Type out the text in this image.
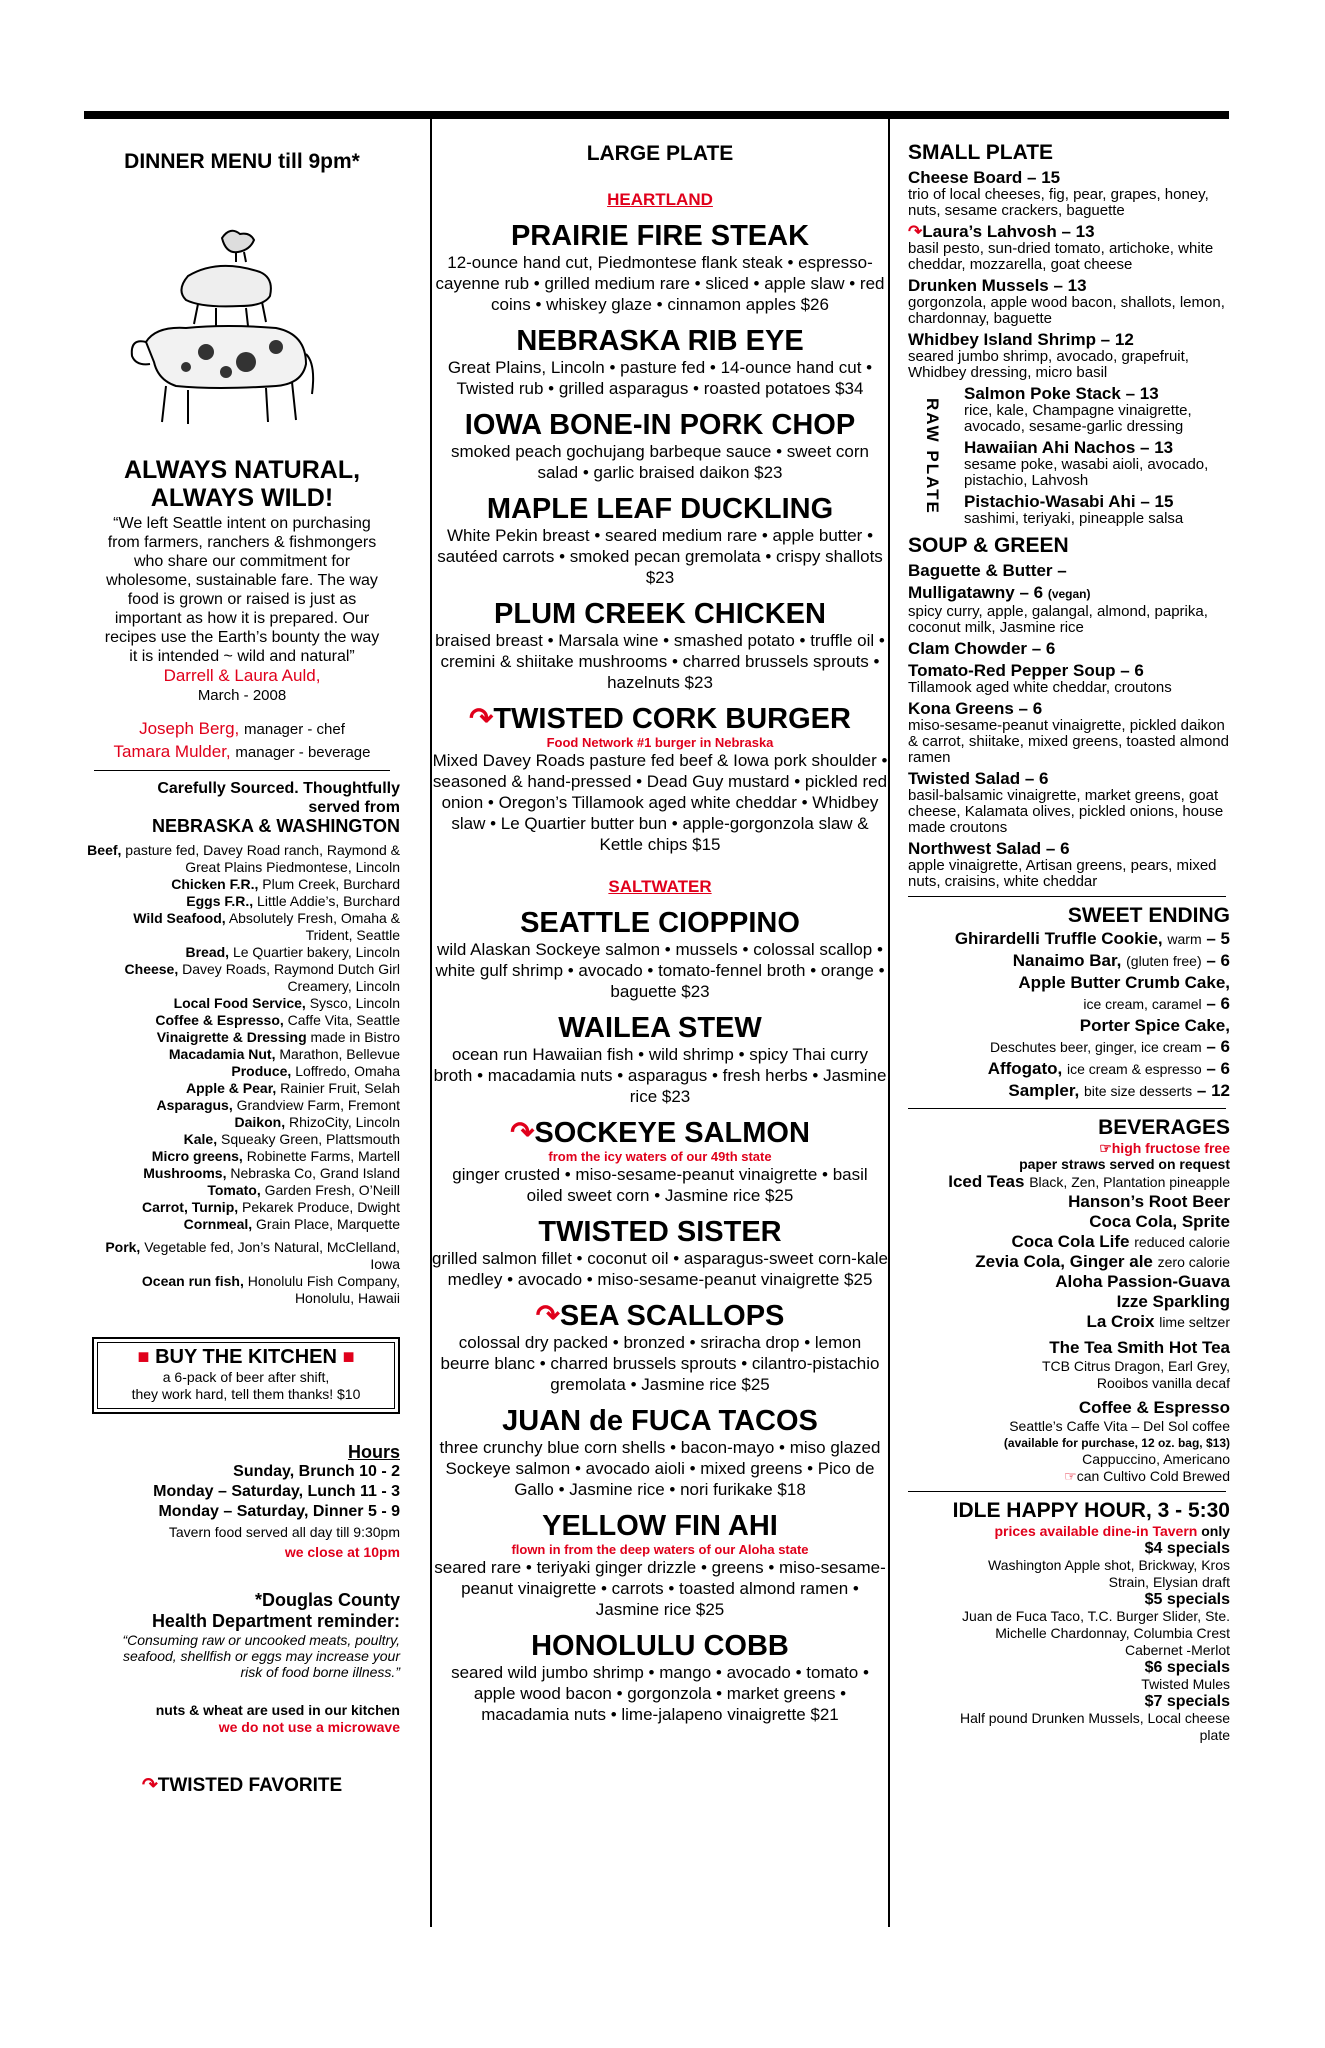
DINNER MENU till 9pm*
ALWAYS NATURAL,
ALWAYS WILD!
“We left Seattle intent on purchasing from farmers, ranchers & fishmongers who share our commitment for wholesome, sustainable fare. The way food is grown or raised is just as important as how it is prepared. Our recipes use the Earth’s bounty the way it is intended ~ wild and natural”
Darrell & Laura Auld,
March - 2008
Joseph Berg, manager - chef
Tamara Mulder, manager - beverage
Carefully Sourced. Thoughtfully served from
NEBRASKA & WASHINGTON
Beef, pasture fed, Davey Road ranch, Raymond & Great Plains Piedmontese, Lincoln
Chicken F.R., Plum Creek, Burchard
Eggs F.R., Little Addie’s, Burchard
Wild Seafood, Absolutely Fresh, Omaha & Trident, Seattle
Bread, Le Quartier bakery, Lincoln
Cheese, Davey Roads, Raymond Dutch Girl Creamery, Lincoln
Local Food Service, Sysco, Lincoln
Coffee & Espresso, Caffe Vita, Seattle
Vinaigrette & Dressing made in Bistro
Macadamia Nut, Marathon, Bellevue
Produce, Loffredo, Omaha
Apple & Pear, Rainier Fruit, Selah
Asparagus, Grandview Farm, Fremont
Daikon, RhizoCity, Lincoln
Kale, Squeaky Green, Plattsmouth
Micro greens, Robinette Farms, Martell
Mushrooms, Nebraska Co, Grand Island
Tomato, Garden Fresh, O’Neill
Carrot, Turnip, Pekarek Produce, Dwight
Cornmeal, Grain Place, Marquette
Pork, Vegetable fed, Jon’s Natural, McClelland, Iowa
Ocean run fish, Honolulu Fish Company, Honolulu, Hawaii
■ BUY THE KITCHEN ■
a 6-pack of beer after shift,
they work hard, tell them thanks! $10
Hours
Sunday, Brunch 10 - 2
Monday – Saturday, Lunch 11 - 3
Monday – Saturday, Dinner 5 - 9
Tavern food served all day till 9:30pm
we close at 10pm
*Douglas County
Health Department reminder:
“Consuming raw or uncooked meats, poultry, seafood, shellfish or eggs may increase your risk of food borne illness.”
nuts & wheat are used in our kitchen
we do not use a microwave
↷TWISTED FAVORITE
LARGE PLATE
HEARTLAND
PRAIRIE FIRE STEAK
12-ounce hand cut, Piedmontese flank steak • espresso-cayenne rub • grilled medium rare • sliced • apple slaw • red coins • whiskey glaze • cinnamon apples $26
NEBRASKA RIB EYE
Great Plains, Lincoln • pasture fed • 14-ounce hand cut • Twisted rub • grilled asparagus • roasted potatoes $34
IOWA BONE-IN PORK CHOP
smoked peach gochujang barbeque sauce • sweet corn salad • garlic braised daikon $23
MAPLE LEAF DUCKLING
White Pekin breast • seared medium rare • apple butter • sautéed carrots • smoked pecan gremolata • crispy shallots $23
PLUM CREEK CHICKEN
braised breast • Marsala wine • smashed potato • truffle oil • cremini & shiitake mushrooms • charred brussels sprouts • hazelnuts $23
↷TWISTED CORK BURGER
Food Network #1 burger in Nebraska
Mixed Davey Roads pasture fed beef & Iowa pork shoulder • seasoned & hand-pressed • Dead Guy mustard • pickled red onion • Oregon’s Tillamook aged white cheddar • Whidbey slaw • Le Quartier butter bun • apple-gorgonzola slaw & Kettle chips $15
SALTWATER
SEATTLE CIOPPINO
wild Alaskan Sockeye salmon • mussels • colossal scallop • white gulf shrimp • avocado • tomato-fennel broth • orange • baguette $23
WAILEA STEW
ocean run Hawaiian fish • wild shrimp • spicy Thai curry broth • macadamia nuts • asparagus • fresh herbs • Jasmine rice $23
↷SOCKEYE SALMON
from the icy waters of our 49th state
ginger crusted • miso-sesame-peanut vinaigrette • basil oiled sweet corn • Jasmine rice $25
TWISTED SISTER
grilled salmon fillet • coconut oil • asparagus-sweet corn-kale medley • avocado • miso-sesame-peanut vinaigrette $25
↷SEA SCALLOPS
colossal dry packed • bronzed • sriracha drop • lemon beurre blanc • charred brussels sprouts • cilantro-pistachio gremolata • Jasmine rice $25
JUAN de FUCA TACOS
three crunchy blue corn shells • bacon-mayo • miso glazed Sockeye salmon • avocado aioli • mixed greens • Pico de Gallo • Jasmine rice • nori furikake $18
YELLOW FIN AHI
flown in from the deep waters of our Aloha state
seared rare • teriyaki ginger drizzle • greens • miso-sesame-peanut vinaigrette • carrots • toasted almond ramen • Jasmine rice $25
HONOLULU COBB
seared wild jumbo shrimp • mango • avocado • tomato • apple wood bacon • gorgonzola • market greens • macadamia nuts • lime-jalapeno vinaigrette $21
SMALL PLATE
Cheese Board – 15
trio of local cheeses, fig, pear, grapes, honey, nuts, sesame crackers, baguette
↷Laura’s Lahvosh – 13
basil pesto, sun-dried tomato, artichoke, white cheddar, mozzarella, goat cheese
Drunken Mussels – 13
gorgonzola, apple wood bacon, shallots, lemon, chardonnay, baguette
Whidbey Island Shrimp – 12
seared jumbo shrimp, avocado, grapefruit, Whidbey dressing, micro basil
RAW PLATE
Salmon Poke Stack – 13
rice, kale, Champagne vinaigrette, avocado, sesame-garlic dressing
Hawaiian Ahi Nachos – 13
sesame poke, wasabi aioli, avocado, pistachio, Lahvosh
Pistachio-Wasabi Ahi – 15
sashimi, teriyaki, pineapple salsa
SOUP & GREEN
Baguette & Butter –
Mulligatawny – 6 (vegan)
spicy curry, apple, galangal, almond, paprika, coconut milk, Jasmine rice
Clam Chowder – 6
Tomato-Red Pepper Soup – 6
Tillamook aged white cheddar, croutons
Kona Greens – 6
miso-sesame-peanut vinaigrette, pickled daikon & carrot, shiitake, mixed greens, toasted almond ramen
Twisted Salad – 6
basil-balsamic vinaigrette, market greens, goat cheese, Kalamata olives, pickled onions, house made croutons
Northwest Salad – 6
apple vinaigrette, Artisan greens, pears, mixed nuts, craisins, white cheddar
SWEET ENDING
Ghirardelli Truffle Cookie, warm – 5
Nanaimo Bar, (gluten free) – 6
Apple Butter Crumb Cake,
ice cream, caramel – 6
Porter Spice Cake,
Deschutes beer, ginger, ice cream – 6
Affogato, ice cream & espresso – 6
Sampler, bite size desserts – 12
BEVERAGES
☞high fructose free
paper straws served on request
Iced Teas Black, Zen, Plantation pineapple
Hanson’s Root Beer
Coca Cola, Sprite
Coca Cola Life reduced calorie
Zevia Cola, Ginger ale zero calorie
Aloha Passion-Guava
Izze Sparkling
La Croix lime seltzer
The Tea Smith Hot Tea
TCB Citrus Dragon, Earl Grey,
Rooibos vanilla decaf
Coffee & Espresso
Seattle’s Caffe Vita – Del Sol coffee
(available for purchase, 12 oz. bag, $13)
Cappuccino, Americano
☞can Cultivo Cold Brewed
IDLE HAPPY HOUR, 3 - 5:30
prices available dine-in Tavern only
$4 specials
Washington Apple shot, Brickway, Kros Strain, Elysian draft
$5 specials
Juan de Fuca Taco, T.C. Burger Slider, Ste. Michelle Chardonnay, Columbia Crest Cabernet -Merlot
$6 specials
Twisted Mules
$7 specials
Half pound Drunken Mussels, Local cheese plate
